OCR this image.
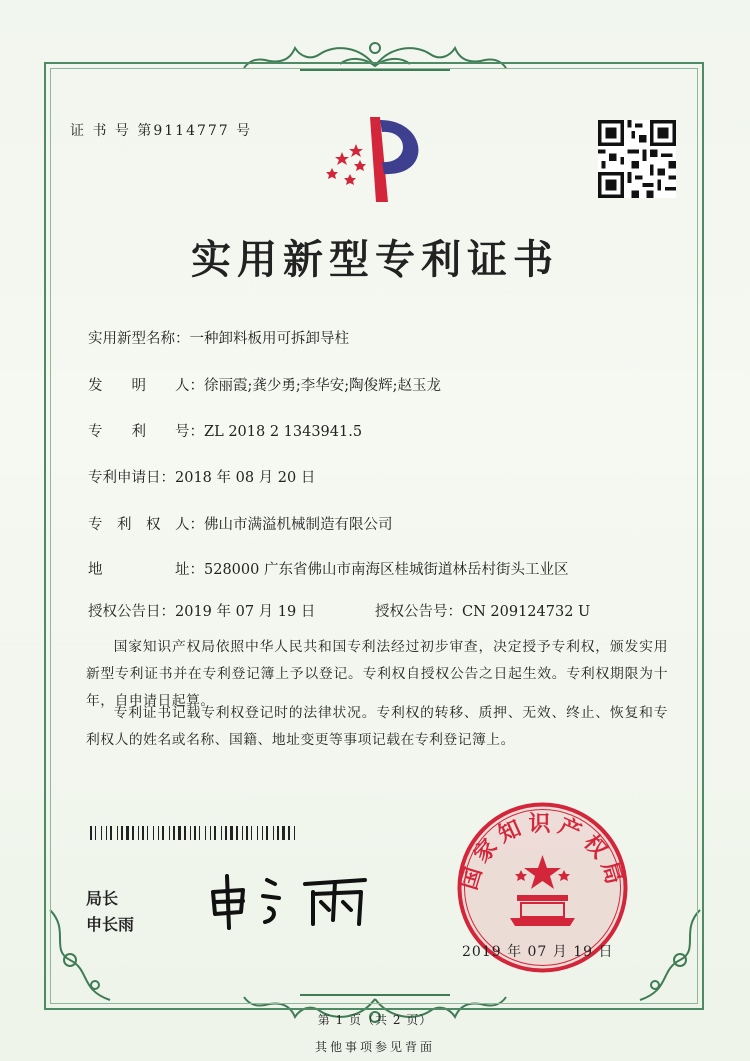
证 书 号 第9114777 号
实用新型专利证书
实用新型名称：一种卸料板用可拆卸导柱
发　　明　　人：徐丽霞;龚少勇;李华安;陶俊辉;赵玉龙
专　　利　　号：ZL 2018 2 1343941.5
专利申请日：2018 年 08 月 20 日
专　利　权　人：佛山市满溢机械制造有限公司
地　　　　　址：528000 广东省佛山市南海区桂城街道林岳村街头工业区
授权公告日：2019 年 07 月 19 日	授权公告号：CN 209124732 U
国家知识产权局依照中华人民共和国专利法经过初步审查，决定授予专利权，颁发实用新型专利证书并在专利登记簿上予以登记。专利权自授权公告之日起生效。专利权期限为十年，自申请日起算。
专利证书记载专利权登记时的法律状况。专利权的转移、质押、无效、终止、恢复和专利权人的姓名或名称、国籍、地址变更等事项记载在专利登记簿上。
局长
申长雨
国家知识产权局
2019 年 07 月 19 日
第 1 页（共 2 页）
其他事项参见背面
